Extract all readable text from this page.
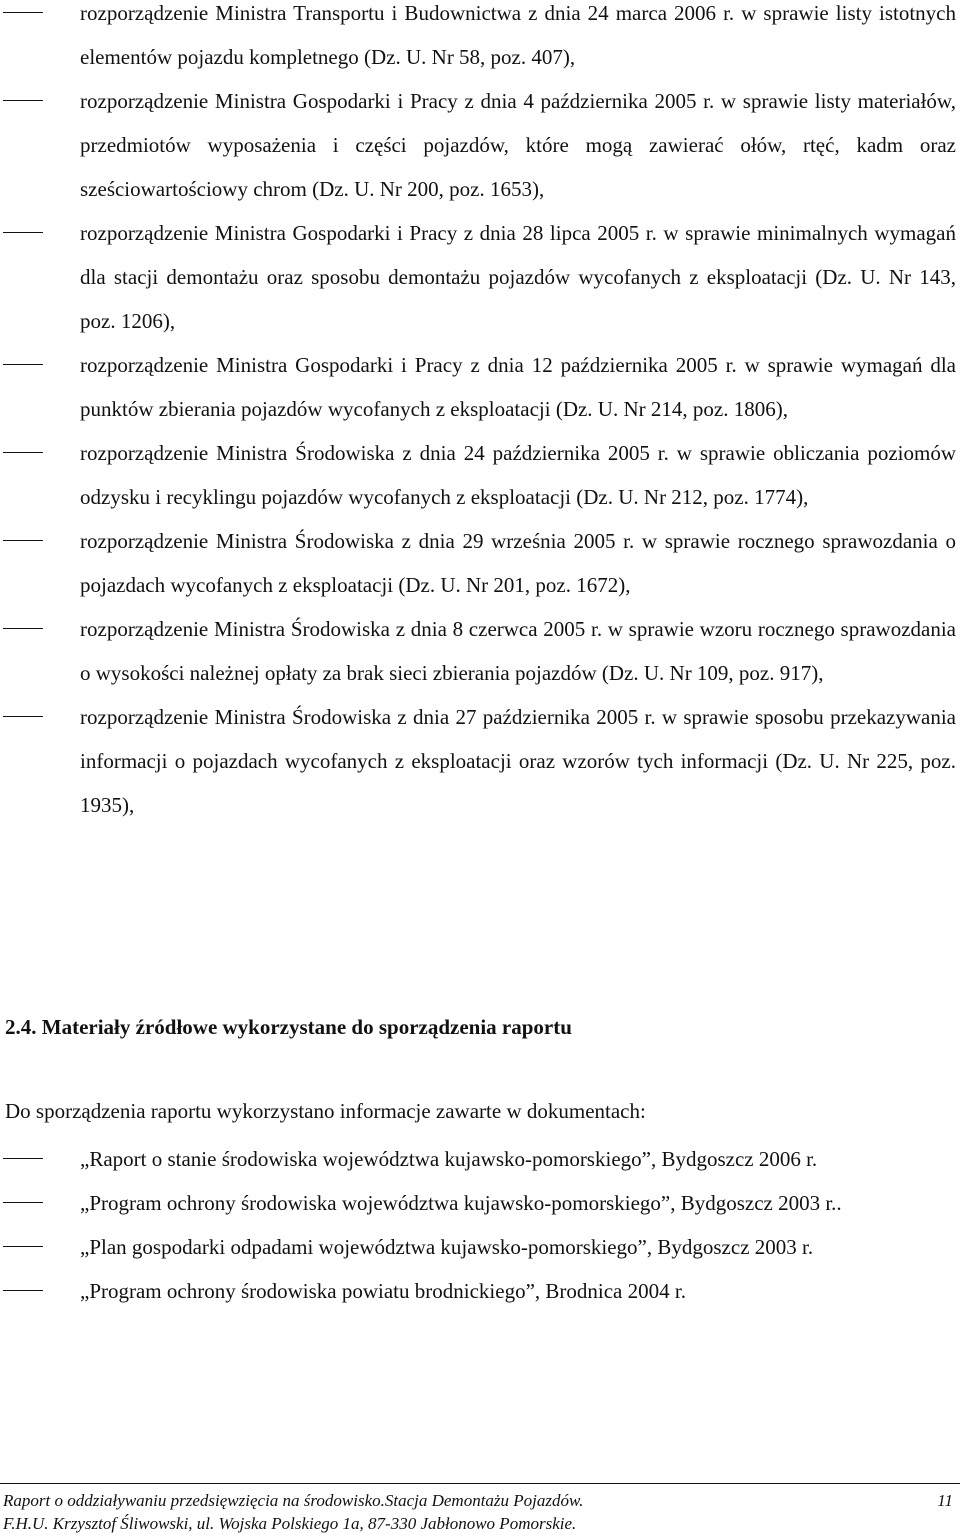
rozporządzenie Ministra Transportu i Budownictwa z dnia 24 marca 2006 r. w sprawie listy istotnych elementów pojazdu kompletnego (Dz. U. Nr 58, poz. 407),

rozporządzenie Ministra Gospodarki i Pracy z dnia 4 października 2005 r. w sprawie listy materiałów, przedmiotów wyposażenia i części pojazdów, które mogą zawierać ołów, rtęć, kadm oraz sześciowartościowy chrom (Dz. U. Nr 200, poz. 1653),

rozporządzenie Ministra Gospodarki i Pracy z dnia 28 lipca 2005 r. w sprawie minimalnych wymagań dla stacji demontażu oraz sposobu demontażu pojazdów wycofanych z eksploatacji (Dz. U. Nr 143, poz. 1206),

rozporządzenie Ministra Gospodarki i Pracy z dnia 12 października 2005 r. w sprawie wymagań dla punktów zbierania pojazdów wycofanych z eksploatacji (Dz. U. Nr 214, poz. 1806),

rozporządzenie Ministra Środowiska z dnia 24 października 2005 r. w sprawie obliczania poziomów odzysku i recyklingu pojazdów wycofanych z eksploatacji (Dz. U. Nr 212, poz. 1774),

rozporządzenie Ministra Środowiska z dnia 29 września 2005 r. w sprawie rocznego sprawozdania o pojazdach wycofanych z eksploatacji (Dz. U. Nr 201, poz. 1672),

rozporządzenie Ministra Środowiska z dnia 8 czerwca 2005 r. w sprawie wzoru rocznego sprawozdania o wysokości należnej opłaty za brak sieci zbierania pojazdów (Dz. U. Nr 109, poz. 917),

rozporządzenie Ministra Środowiska z dnia 27 października 2005 r. w sprawie sposobu przekazywania informacji o pojazdach wycofanych z eksploatacji oraz wzorów tych informacji (Dz. U. Nr 225, poz. 1935),

2.4. Materiały źródłowe wykorzystane do sporządzenia raportu

Do sporządzenia raportu wykorzystano informacje zawarte w dokumentach:

„Raport o stanie środowiska województwa kujawsko-pomorskiego”, Bydgoszcz 2006 r.

„Program ochrony środowiska województwa kujawsko-pomorskiego”, Bydgoszcz 2003 r..

„Plan gospodarki odpadami województwa kujawsko-pomorskiego”, Bydgoszcz 2003 r.

„Program ochrony środowiska powiatu brodnickiego”, Brodnica 2004 r.

Raport o oddziaływaniu przedsięwzięcia na środowisko.Stacja Demontażu Pojazdów.	11
F.H.U. Krzysztof Śliwowski, ul. Wojska Polskiego 1a, 87-330 Jabłonowo Pomorskie.
